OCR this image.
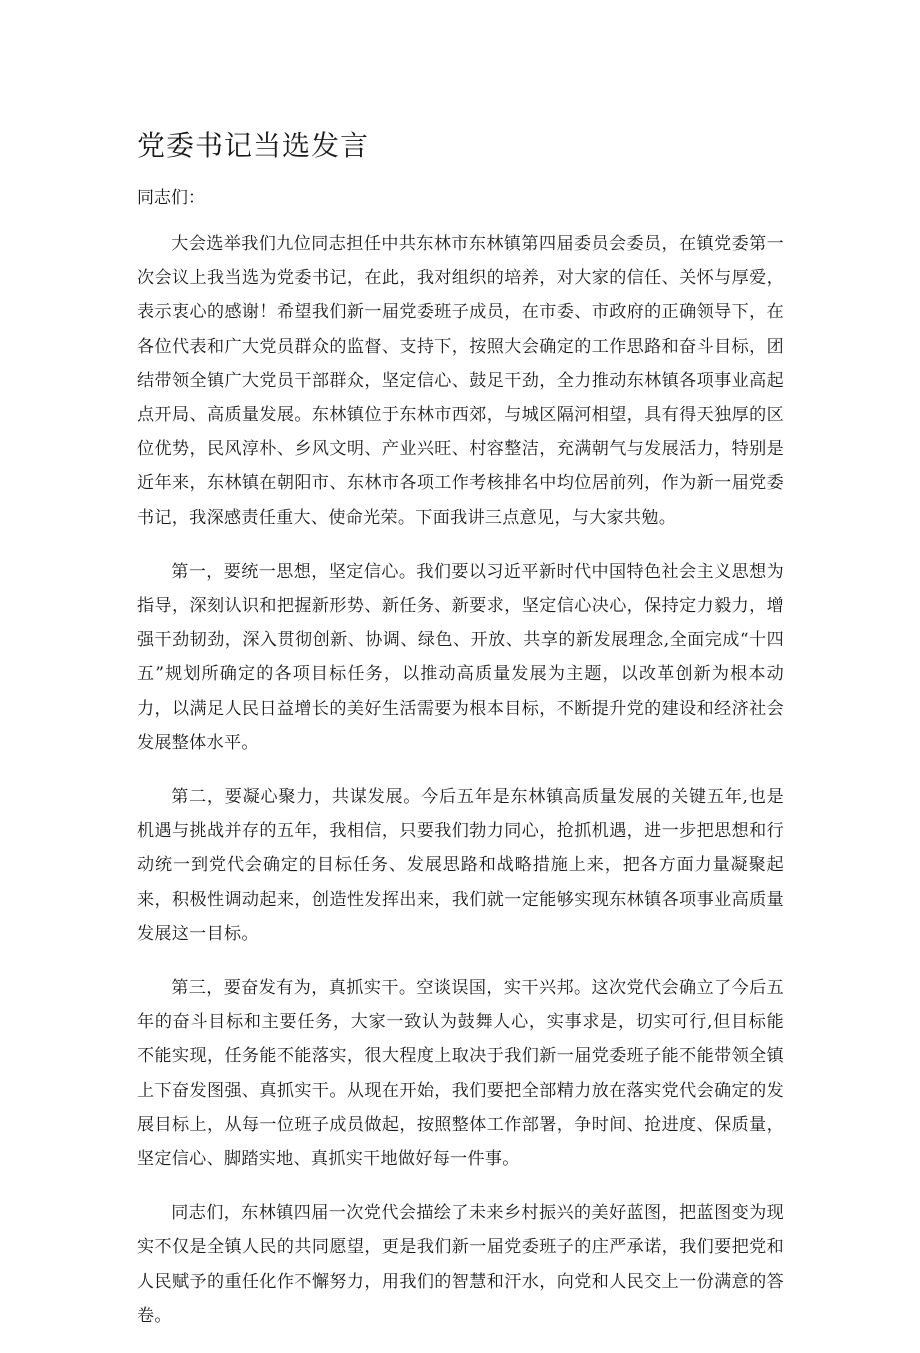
党委书记当选发言

同志们：

大会选举我们九位同志担任中共东林市东林镇第四届委员会委员，在镇党委第一次会议上我当选为党委书记，在此，我对组织的培养，对大家的信任、关怀与厚爱，表示衷心的感谢！希望我们新一届党委班子成员，在市委、市政府的正确领导下，在各位代表和广大党员群众的监督、支持下，按照大会确定的工作思路和奋斗目标，团结带领全镇广大党员干部群众，坚定信心、鼓足干劲，全力推动东林镇各项事业高起点开局、高质量发展。东林镇位于东林市西郊，与城区隔河相望，具有得天独厚的区位优势，民风淳朴、乡风文明、产业兴旺、村容整洁，充满朝气与发展活力，特别是近年来，东林镇在朝阳市、东林市各项工作考核排名中均位居前列，作为新一届党委书记，我深感责任重大、使命光荣。下面我讲三点意见，与大家共勉。

第一，要统一思想，坚定信心。我们要以习近平新时代中国特色社会主义思想为指导，深刻认识和把握新形势、新任务、新要求，坚定信心决心，保持定力毅力，增强干劲韧劲，深入贯彻创新、协调、绿色、开放、共享的新发展理念,全面完成“十四五”规划所确定的各项目标任务，以推动高质量发展为主题，以改革创新为根本动力，以满足人民日益增长的美好生活需要为根本目标，不断提升党的建设和经济社会发展整体水平。

第二，要凝心聚力，共谋发展。今后五年是东林镇高质量发展的关键五年,也是机遇与挑战并存的五年，我相信，只要我们勃力同心，抢抓机遇，进一步把思想和行动统一到党代会确定的目标任务、发展思路和战略措施上来，把各方面力量凝聚起来，积极性调动起来，创造性发挥出来，我们就一定能够实现东林镇各项事业高质量发展这一目标。

第三，要奋发有为，真抓实干。空谈误国，实干兴邦。这次党代会确立了今后五年的奋斗目标和主要任务，大家一致认为鼓舞人心，实事求是，切实可行,但目标能不能实现，任务能不能落实，很大程度上取决于我们新一届党委班子能不能带领全镇上下奋发图强、真抓实干。从现在开始，我们要把全部精力放在落实党代会确定的发展目标上，从每一位班子成员做起，按照整体工作部署，争时间、抢进度、保质量，坚定信心、脚踏实地、真抓实干地做好每一件事。

同志们，东林镇四届一次党代会描绘了未来乡村振兴的美好蓝图，把蓝图变为现实不仅是全镇人民的共同愿望，更是我们新一届党委班子的庄严承诺，我们要把党和人民赋予的重任化作不懈努力，用我们的智慧和汗水，向党和人民交上一份满意的答卷。
